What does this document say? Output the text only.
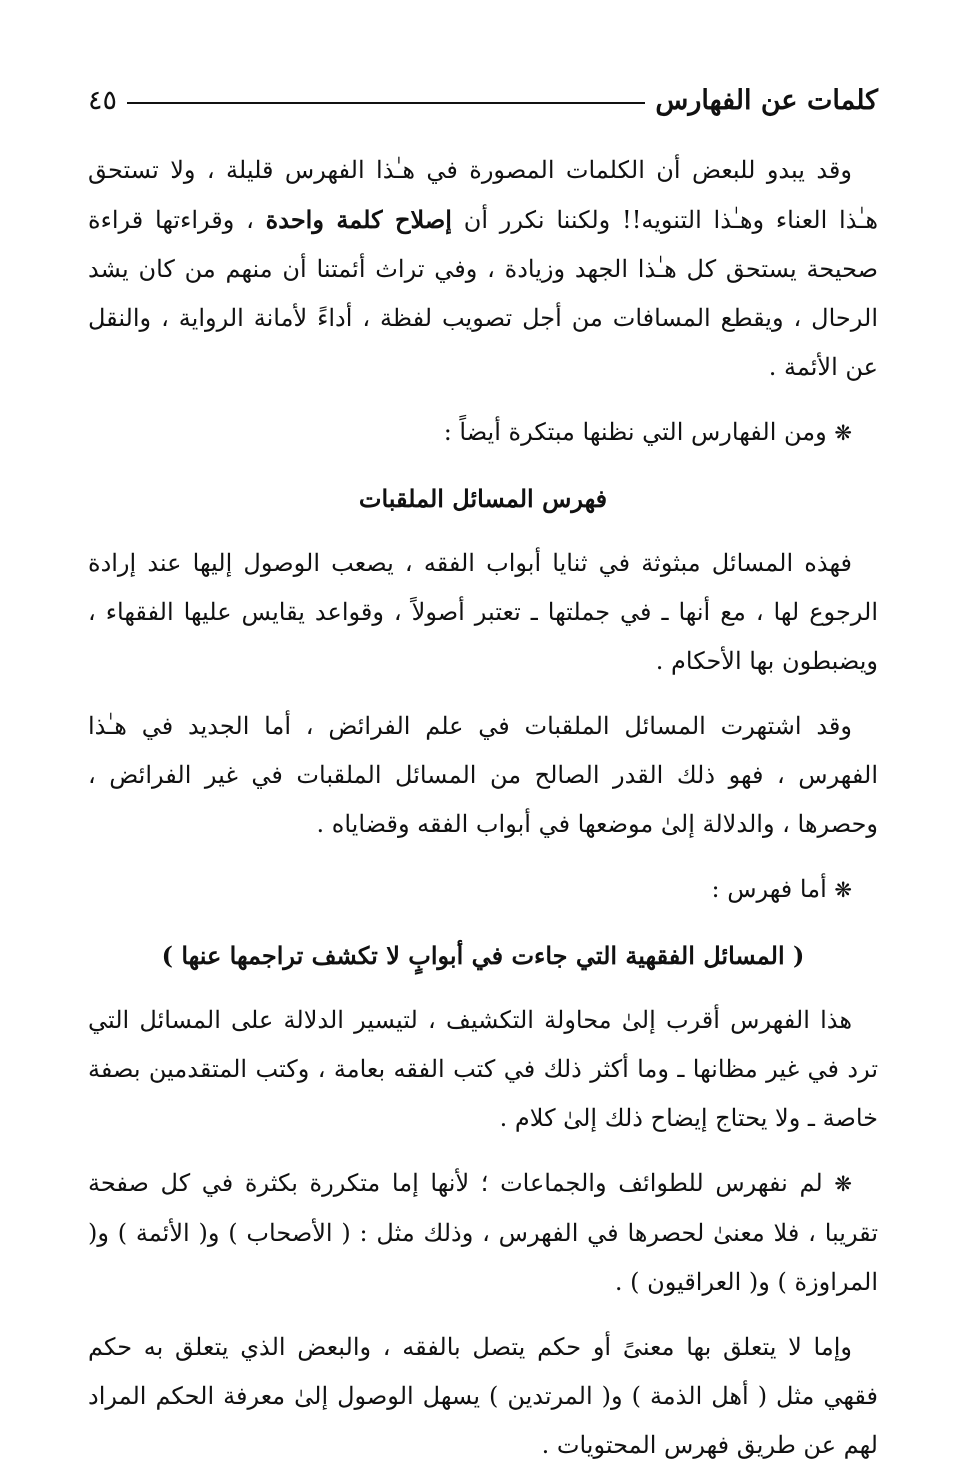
كلمات عن الفهارس
٤٥

وقد يبدو للبعض أن الكلمات المصورة في هـٰذا الفهرس قليلة ، ولا تستحق هـٰذا العناء وهـٰذا التنويه!! ولكننا نكرر أن إصلاح كلمة واحدة ، وقراءتها قراءة صحيحة يستحق كل هـٰذا الجهد وزيادة ، وفي تراث أئمتنا أن منهم من كان يشد الرحال ، ويقطع المسافات من أجل تصويب لفظة ، أداءً لأمانة الرواية ، والنقل عن الأئمة .

❋ ومن الفهارس التي نظنها مبتكرة أيضاً :

فهرس المسائل الملقبات

فهذه المسائل مبثوثة في ثنايا أبواب الفقه ، يصعب الوصول إليها عند إرادة الرجوع لها ، مع أنها ـ في جملتها ـ تعتبر أصولاً ، وقواعد يقايس عليها الفقهاء ، ويضبطون بها الأحكام .

وقد اشتهرت المسائل الملقبات في علم الفرائض ، أما الجديد في هـٰذا الفهرس ، فهو ذلك القدر الصالح من المسائل الملقبات في غير الفرائض ، وحصرها ، والدلالة إلىٰ موضعها في أبواب الفقه وقضاياه .

❋ أما فهرس :

( المسائل الفقهية التي جاءت في أبوابٍ لا تكشف تراجمها عنها )

هذا الفهرس أقرب إلىٰ محاولة التكشيف ، لتيسير الدلالة على المسائل التي ترد في غير مظانها ـ وما أكثر ذلك في كتب الفقه بعامة ، وكتب المتقدمين بصفة خاصة ـ ولا يحتاج إيضاح ذلك إلىٰ كلام .

❋ لم نفهرس للطوائف والجماعات ؛ لأنها إما متكررة بكثرة في كل صفحة تقريبا ، فلا معنىٰ لحصرها في الفهرس ، وذلك مثل : ( الأصحاب ) و( الأئمة ) و( المراوزة ) و( العراقيون ) .

وإما لا يتعلق بها معنىً أو حكم يتصل بالفقه ، والبعض الذي يتعلق به حكم فقهي مثل ( أهل الذمة ) و( المرتدين ) يسهل الوصول إلىٰ معرفة الحكم المراد لهم عن طريق فهرس المحتويات .
